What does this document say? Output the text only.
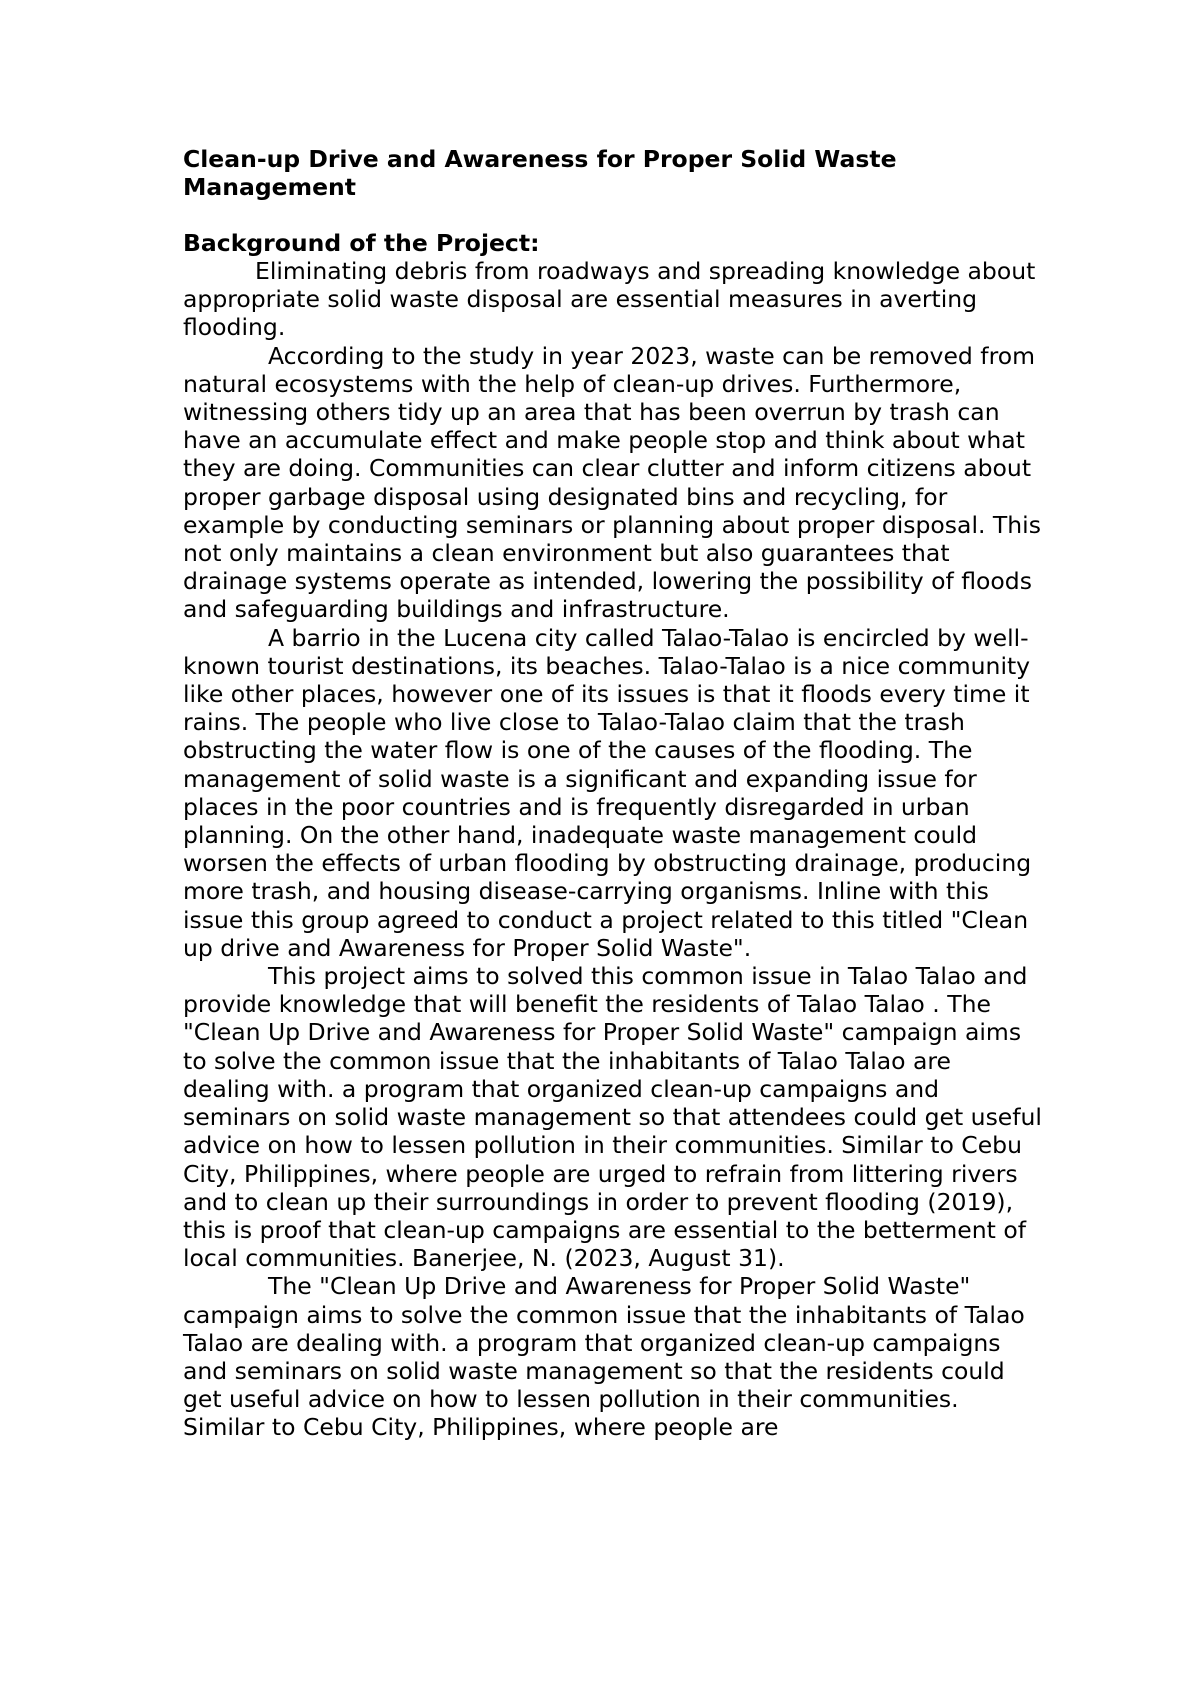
Clean-up Drive and Awareness for Proper Solid Waste Management

Background of the Project:

Eliminating debris from roadways and spreading knowledge about appropriate solid waste disposal are essential measures in averting flooding.

According to the study in year 2023, waste can be removed from natural ecosystems with the help of clean-up drives. Furthermore, witnessing others tidy up an area that has been overrun by trash can have an accumulate effect and make people stop and think about what they are doing. Communities can clear clutter and inform citizens about proper garbage disposal using designated bins and recycling, for example by conducting seminars or planning about proper disposal. This not only maintains a clean environment but also guarantees that drainage systems operate as intended, lowering the possibility of floods and safeguarding buildings and infrastructure.

A barrio in the Lucena city called Talao-Talao is encircled by well-known tourist destinations, its beaches. Talao-Talao is a nice community like other places, however one of its issues is that it floods every time it rains. The people who live close to Talao-Talao claim that the trash obstructing the water flow is one of the causes of the flooding. The management of solid waste is a significant and expanding issue for places in the poor countries and is frequently disregarded in urban planning. On the other hand, inadequate waste management could worsen the effects of urban flooding by obstructing drainage, producing more trash, and housing disease-carrying organisms. Inline with this issue this group agreed to conduct a project related to this titled "Clean up drive and Awareness for Proper Solid Waste".

This project aims to solved this common issue in Talao Talao and provide knowledge that will benefit the residents of Talao Talao . The "Clean Up Drive and Awareness for Proper Solid Waste" campaign aims to solve the common issue that the inhabitants of Talao Talao are dealing with. a program that organized clean-up campaigns and seminars on solid waste management so that attendees could get useful advice on how to lessen pollution in their communities. Similar to Cebu City, Philippines, where people are urged to refrain from littering rivers and to clean up their surroundings in order to prevent flooding (2019), this is proof that clean-up campaigns are essential to the betterment of local communities. Banerjee, N. (2023, August 31).

The "Clean Up Drive and Awareness for Proper Solid Waste" campaign aims to solve the common issue that the inhabitants of Talao Talao are dealing with. a program that organized clean-up campaigns and seminars on solid waste management so that the residents could get useful advice on how to lessen pollution in their communities. Similar to Cebu City, Philippines, where people are
